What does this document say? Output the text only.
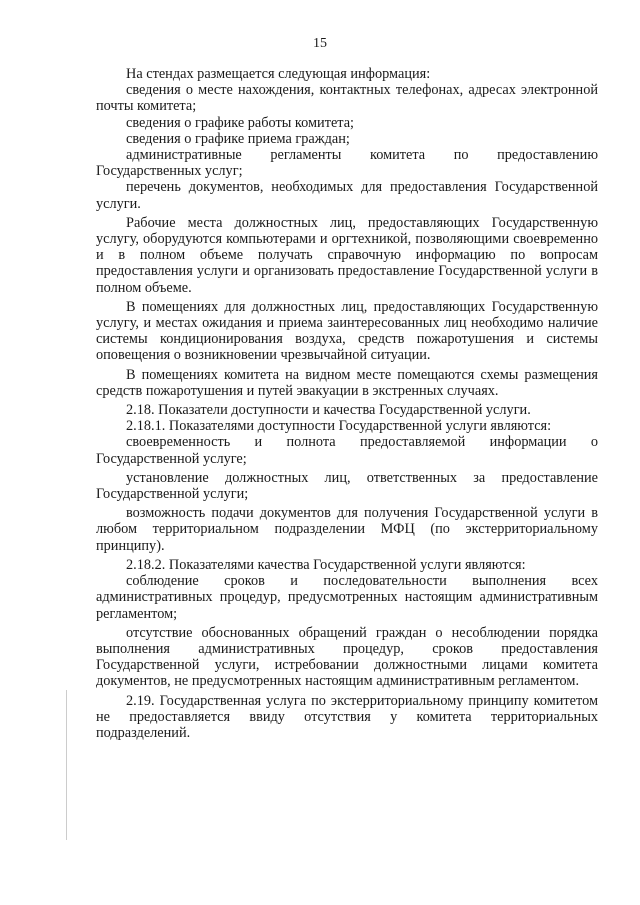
15

На стендах размещается следующая информация:

сведения о месте нахождения, контактных телефонах, адресах электронной почты комитета;

сведения о графике работы комитета;

сведения о графике приема граждан;

административные регламенты комитета по предоставлению Государственных услуг;

перечень документов, необходимых для предоставления Государственной услуги.

Рабочие места должностных лиц, предоставляющих Государственную услугу, оборудуются компьютерами и оргтехникой, позволяющими своевременно и в полном объеме получать справочную информацию по вопросам предоставления услуги и организовать предоставление Государственной услуги в полном объеме.

В помещениях для должностных лиц, предоставляющих Государственную услугу, и местах ожидания и приема заинтересованных лиц необходимо наличие системы кондиционирования воздуха, средств пожаротушения и системы оповещения о возникновении чрезвычайной ситуации.

В помещениях комитета на видном месте помещаются схемы размещения средств пожаротушения и путей эвакуации в экстренных случаях.

2.18. Показатели доступности и качества Государственной услуги.

2.18.1. Показателями доступности Государственной услуги являются:

своевременность и полнота предоставляемой информации о Государственной услуге;

установление должностных лиц, ответственных за предоставление Государственной услуги;

возможность подачи документов для получения Государственной услуги в любом территориальном подразделении МФЦ (по экстерриториальному принципу).

2.18.2. Показателями качества Государственной услуги являются:

соблюдение сроков и последовательности выполнения всех административных процедур, предусмотренных настоящим административным регламентом;

отсутствие обоснованных обращений граждан о несоблюдении порядка выполнения административных процедур, сроков предоставления Государственной услуги, истребовании должностными лицами комитета документов, не предусмотренных настоящим административным регламентом.

2.19. Государственная услуга по экстерриториальному принципу комитетом не предоставляется ввиду отсутствия у комитета территориальных подразделений.
